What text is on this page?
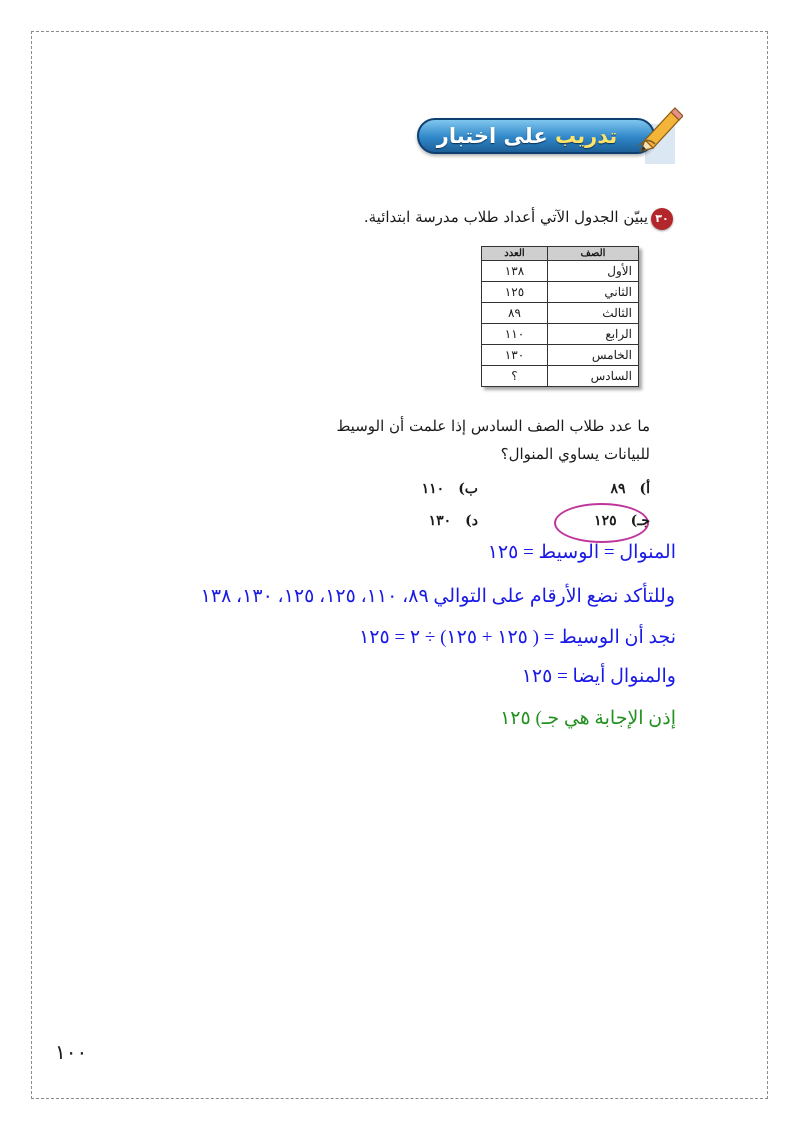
تدريب على اختبار
٣٠
يبيّن الجدول الآتي أعداد طلاب مدرسة ابتدائية.
الصف	العدد
الأول	١٣٨
الثاني	١٢٥
الثالث	٨٩
الرابع	١١٠
الخامس	١٣٠
السادس	؟
ما عدد طلاب الصف السادس إذا علمت أن الوسيط
للبيانات يساوي المنوال؟
أ)٨٩
ب)١١٠
جـ)١٢٥
د)١٣٠
المنوال = الوسيط = ١٢٥
وللتأكد نضع الأرقام على التوالي ٨٩، ١١٠، ١٢٥، ١٢٥، ١٣٠، ١٣٨
نجد أن الوسيط = ( ١٢٥ + ١٢٥) ÷ ٢ = ١٢٥
والمنوال أيضا = ١٢٥
إذن الإجابة هي جـ) ١٢٥
١٠٠
